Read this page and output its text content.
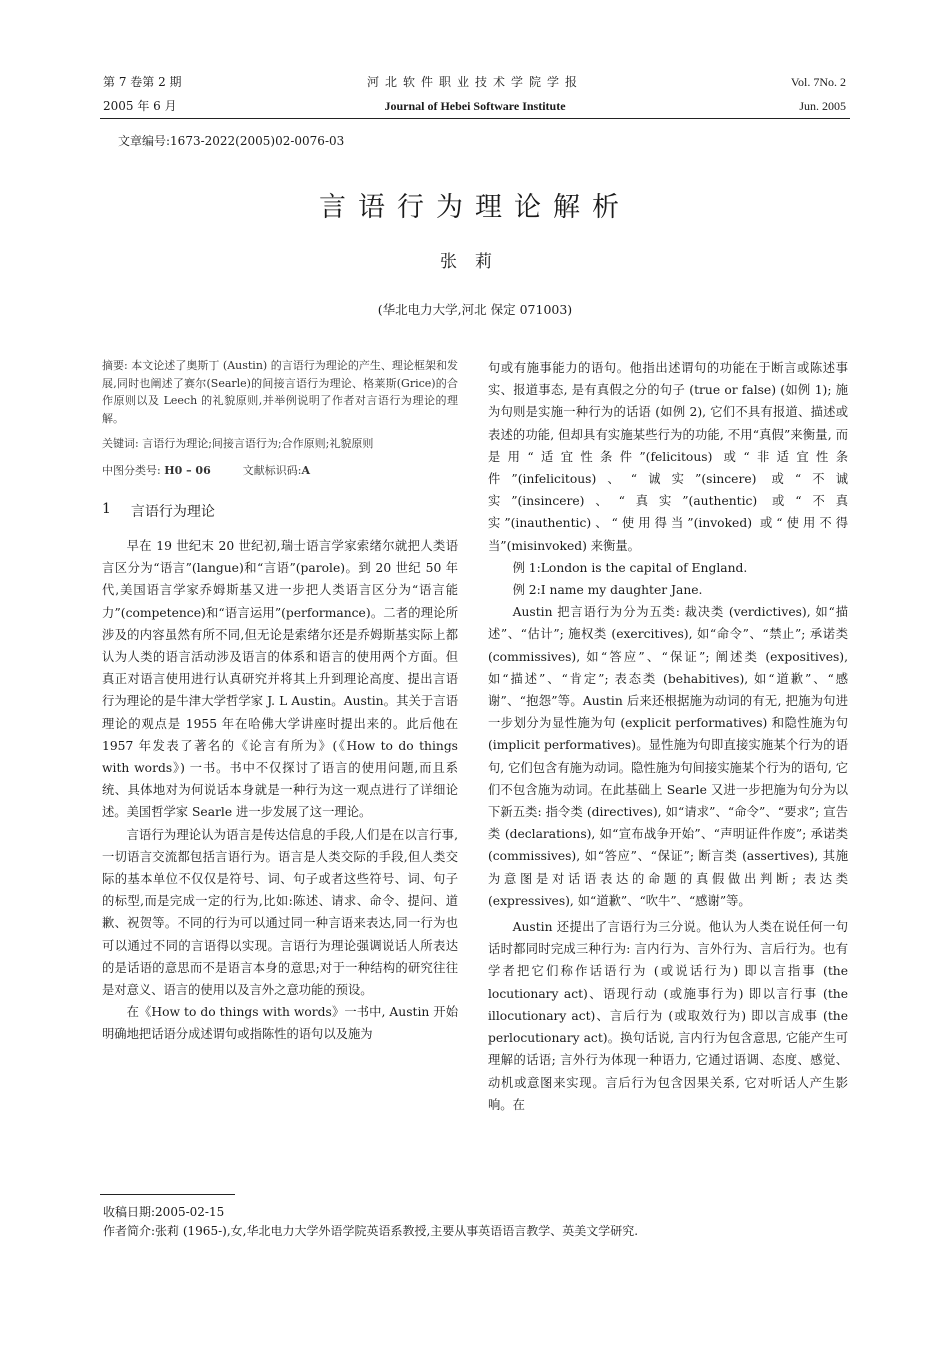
第 7 卷第 2 期
2005 年 6 月
河北软件职业技术学院学报
Journal of Hebei Software Institute
Vol. 7No. 2
Jun. 2005
文章编号:1673-2022(2005)02-0076-03
言语行为理论解析
张莉
(华北电力大学,河北 保定 071003)
摘要: 本文论述了奥斯丁 (Austin) 的言语行为理论的产生、理论框架和发展,同时也阐述了赛尔(Searle)的间接言语行为理论、格莱斯(Grice)的合作原则以及 Leech 的礼貌原则,并举例说明了作者对言语行为理论的理解。
关键词: 言语行为理论;间接言语行为;合作原则;礼貌原则
中图分类号: H0 – 06	文献标识码:A
1 言语行为理论
早在 19 世纪末 20 世纪初,瑞士语言学家索绪尔就把人类语言区分为“语言”(langue)和“言语”(parole)。到 20 世纪 50 年代,美国语言学家乔姆斯基又进一步把人类语言区分为“语言能力”(competence)和“语言运用”(performance)。二者的理论所涉及的内容虽然有所不同,但无论是索绪尔还是乔姆斯基实际上都认为人类的语言活动涉及语言的体系和语言的使用两个方面。但真正对语言使用进行认真研究并将其上升到理论高度、提出言语行为理论的是牛津大学哲学家 J. L Austin。Austin。其关于言语理论的观点是 1955 年在哈佛大学讲座时提出来的。此后他在 1957 年发表了著名的《论言有所为》(《How to do things with words》) 一书。书中不仅探讨了语言的使用问题,而且系统、具体地对为何说话本身就是一种行为这一观点进行了详细论述。美国哲学家 Searle 进一步发展了这一理论。
言语行为理论认为语言是传达信息的手段,人们是在以言行事,一切语言交流都包括言语行为。语言是人类交际的手段,但人类交际的基本单位不仅仅是符号、词、句子或者这些符号、词、句子的标型,而是完成一定的行为,比如:陈述、请求、命令、提问、道歉、祝贺等。不同的行为可以通过同一种言语来表达,同一行为也可以通过不同的言语得以实现。言语行为理论强调说话人所表达的是话语的意思而不是语言本身的意思;对于一种结构的研究往往是对意义、语言的使用以及言外之意功能的预设。
在《How to do things with words》一书中, Austin 开始明确地把话语分成述谓句或指陈性的语句以及施为
句或有施事能力的语句。他指出述谓句的功能在于断言或陈述事实、报道事态, 是有真假之分的句子 (true or false) (如例 1); 施为句则是实施一种行为的话语 (如例 2), 它们不具有报道、描述或表述的功能, 但却具有实施某些行为的功能, 不用“真假”来衡量, 而是用“适宜性条件”(felicitous) 或“非适宜性条件”(infelicitous)、“诚实”(sincere) 或“不诚实”(insincere)、“真实”(authentic) 或“不真实”(inauthentic)、“使用得当”(invoked) 或“使用不得当”(misinvoked) 来衡量。
例 1:London is the capital of England.
例 2:I name my daughter Jane.
Austin 把言语行为分为五类: 裁决类 (verdictives), 如“描述”、“估计”; 施权类 (exercitives), 如“命令”、“禁止”; 承诺类 (commissives), 如“答应”、“保证”; 阐述类 (expositives), 如“描述”、“肯定”; 表态类 (behabitives), 如“道歉”、“感谢”、“抱怨”等。Austin 后来还根据施为动词的有无, 把施为句进一步划分为显性施为句 (explicit performatives) 和隐性施为句 (implicit performatives)。显性施为句即直接实施某个行为的语句, 它们包含有施为动词。隐性施为句间接实施某个行为的语句, 它们不包含施为动词。在此基础上 Searle 又进一步把施为句分为以下新五类: 指令类 (directives), 如“请求”、“命令”、“要求”; 宣告类 (declarations), 如“宣布战争开始”、“声明证件作废”; 承诺类 (commissives), 如“答应”、“保证”; 断言类 (assertives), 其施为意图是对话语表达的命题的真假做出判断; 表达类 (expressives), 如“道歉”、“吹牛”、“感谢”等。
Austin 还提出了言语行为三分说。他认为人类在说任何一句话时都同时完成三种行为: 言内行为、言外行为、言后行为。也有学者把它们称作话语行为 (或说话行为) 即以言指事 (the locutionary act)、语现行动 (或施事行为) 即以言行事 (the illocutionary act)、言后行为 (或取效行为) 即以言成事 (the perlocutionary act)。换句话说, 言内行为包含意思, 它能产生可理解的话语; 言外行为体现一种语力, 它通过语调、态度、感觉、动机或意图来实现。言后行为包含因果关系, 它对听话人产生影响。在
收稿日期:2005-02-15
作者简介:张莉 (1965-),女,华北电力大学外语学院英语系教授,主要从事英语语言教学、英美文学研究.
